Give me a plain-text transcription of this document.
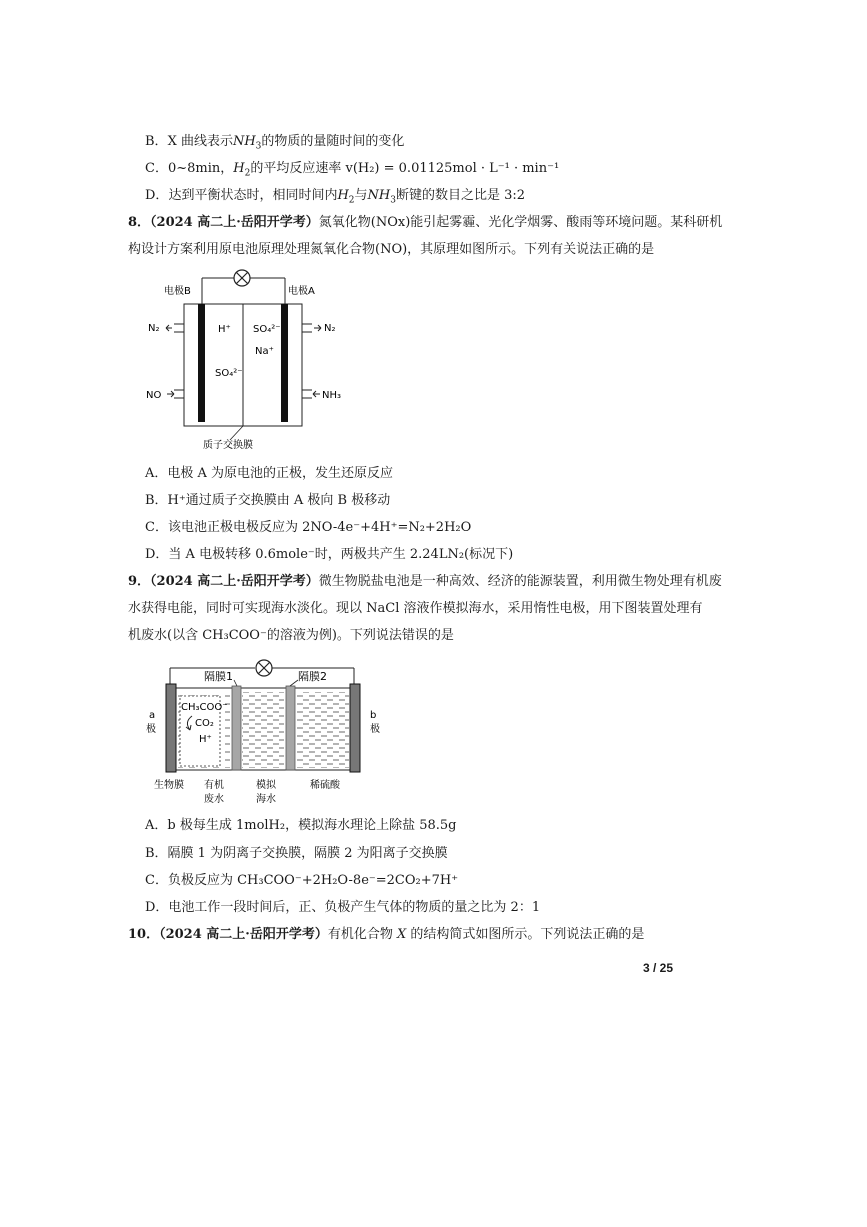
B．X 曲线表示$NH_3$的物质的量随时间的变化
C．0~8min，$H_2$的平均反应速率 v(H₂) = 0.01125mol · L⁻¹ · min⁻¹
D．达到平衡状态时，相同时间内$H_2$与$NH_3$断键的数目之比是 3:2
8．（2024 高二上·岳阳开学考）氮氧化物(NOx)能引起雾霾、光化学烟雾、酸雨等环境问题。某科研机
构设计方案利用原电池原理处理氮氧化合物(NO)，其原理如图所示。下列有关说法正确的是
电极B	电极A
N₂	N₂
NO	NH₃
H⁺
SO₄²⁻
SO₄²⁻
Na⁺
质子交换膜
A．电极 A 为原电池的正极，发生还原反应
B．H⁺通过质子交换膜由 A 极向 B 极移动
C．该电池正极电极反应为 2NO-4e⁻+4H⁺=N₂+2H₂O
D．当 A 电极转移 0.6mole⁻时，两极共产生 2.24LN₂(标况下)
9．（2024 高二上·岳阳开学考）微生物脱盐电池是一种高效、经济的能源装置，利用微生物处理有机废
水获得电能，同时可实现海水淡化。现以 NaCl 溶液作模拟海水，采用惰性电极，用下图装置处理有
机废水(以含 CH₃COO⁻的溶液为例)。下列说法错误的是
隔膜1	隔膜2
a
极
b
极
CH₃COO⁻
CO₂
H⁺
生物膜 有机
废水
模拟
海水
稀硫酸
A．b 极每生成 1molH₂，模拟海水理论上除盐 58.5g
B．隔膜 1 为阴离子交换膜，隔膜 2 为阳离子交换膜
C．负极反应为 CH₃COO⁻+2H₂O-8e⁻=2CO₂+7H⁺
D．电池工作一段时间后，正、负极产生气体的物质的量之比为 2：1
10．（2024 高二上·岳阳开学考）有机化合物 X 的结构简式如图所示。下列说法正确的是
3 / 25
